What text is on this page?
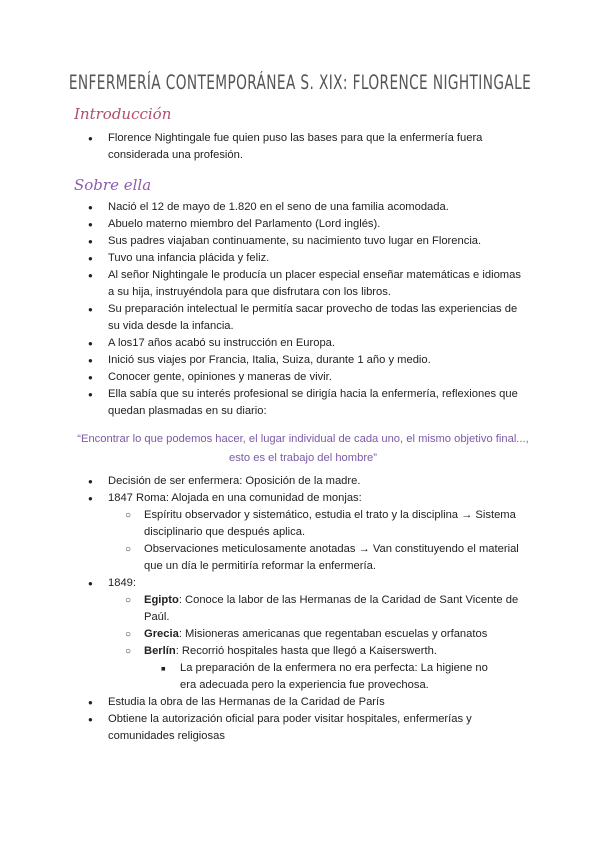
ENFERMERÍA CONTEMPORÁNEA S. XIX: FLORENCE NIGHTINGALE
Introducción
● Florence Nightingale fue quien puso las bases para que la enfermería fuera considerada una profesión.
Sobre ella
● Nació el 12 de mayo de 1.820 en el seno de una familia acomodada.
● Abuelo materno miembro del Parlamento (Lord inglés).
● Sus padres viajaban continuamente, su nacimiento tuvo lugar en Florencia.
● Tuvo una infancia plácida y feliz.
● Al señor Nightingale le producía un placer especial enseñar matemáticas e idiomas a su hija, instruyéndola para que disfrutara con los libros.
● Su preparación intelectual le permitía sacar provecho de todas las experiencias de su vida desde la infancia.
● A los17 años acabó su instrucción en Europa.
● Inició sus viajes por Francia, Italia, Suiza, durante 1 año y medio.
● Conocer gente, opiniones y maneras de vivir.
● Ella sabía que su interés profesional se dirigía hacia la enfermería, reflexiones que quedan plasmadas en su diario:
“Encontrar lo que podemos hacer, el lugar individual de cada uno, el mismo objetivo final..., esto es el trabajo del hombre”
● Decisión de ser enfermera: Oposición de la madre.
● 1847 Roma: Alojada en una comunidad de monjas:
○ Espíritu observador y sistemático, estudia el trato y la disciplina → Sistema disciplinario que después aplica.
○ Observaciones meticulosamente anotadas → Van constituyendo el material que un día le permitiría reformar la enfermería.
● 1849:
○ Egipto: Conoce la labor de las Hermanas de la Caridad de Sant Vicente de Paúl.
○ Grecia: Misioneras americanas que regentaban escuelas y orfanatos
○ Berlín: Recorrió hospitales hasta que llegó a Kaiserswerth.
■ La preparación de la enfermera no era perfecta: La higiene no era adecuada pero la experiencia fue provechosa.
● Estudia la obra de las Hermanas de la Caridad de París
● Obtiene la autorización oficial para poder visitar hospitales, enfermerías y comunidades religiosas
